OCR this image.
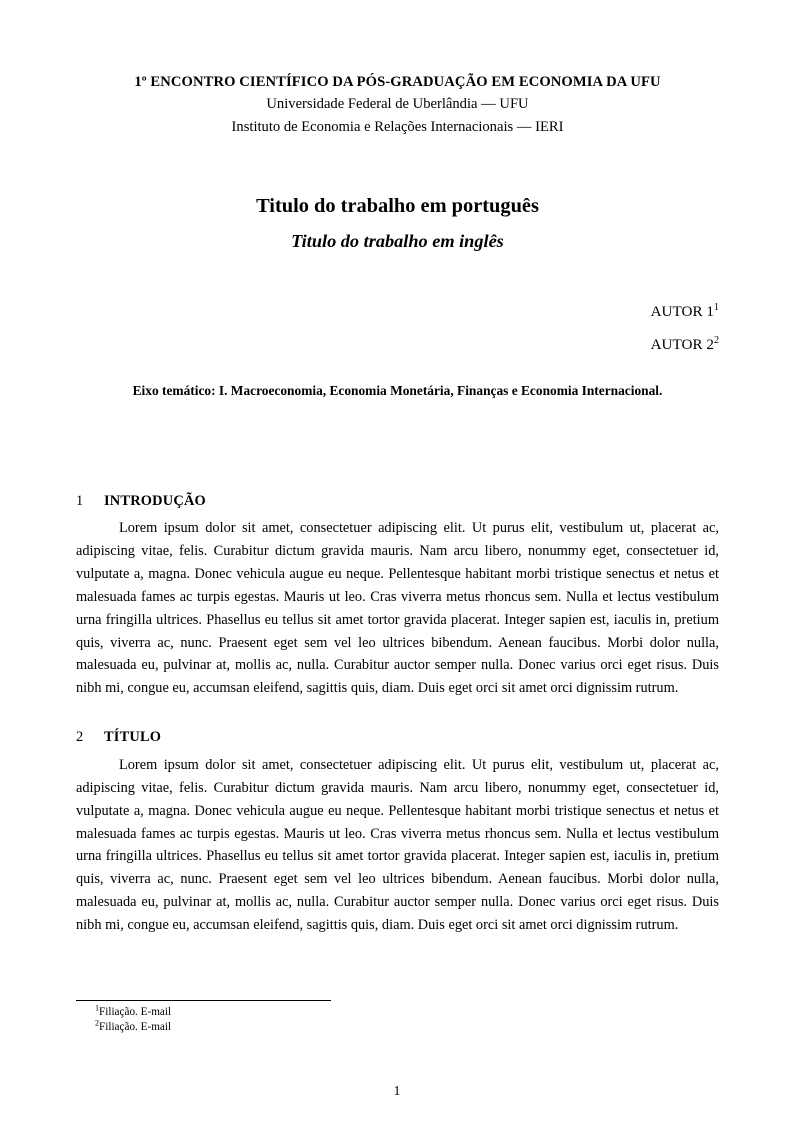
1º ENCONTRO CIENTÍFICO DA PÓS-GRADUAÇÃO EM ECONOMIA DA UFU
Universidade Federal de Uberlândia — UFU
Instituto de Economia e Relações Internacionais — IERI
Titulo do trabalho em português
Titulo do trabalho em inglês
AUTOR 1$^1$
AUTOR 2$^2$
Eixo temático: I. Macroeconomia, Economia Monetária, Finanças e Economia Internacional.
1 INTRODUÇÃO

Lorem ipsum dolor sit amet, consectetuer adipiscing elit. Ut purus elit, vestibulum ut, placerat ac, adipiscing vitae, felis. Curabitur dictum gravida mauris. Nam arcu libero, nonummy eget, consectetuer id, vulputate a, magna. Donec vehicula augue eu neque. Pellentesque habitant morbi tristique senectus et netus et malesuada fames ac turpis egestas. Mauris ut leo. Cras viverra metus rhoncus sem. Nulla et lectus vestibulum urna fringilla ultrices. Phasellus eu tellus sit amet tortor gravida placerat. Integer sapien est, iaculis in, pretium quis, viverra ac, nunc. Praesent eget sem vel leo ultrices bibendum. Aenean faucibus. Morbi dolor nulla, malesuada eu, pulvinar at, mollis ac, nulla. Curabitur auctor semper nulla. Donec varius orci eget risus. Duis nibh mi, congue eu, accumsan eleifend, sagittis quis, diam. Duis eget orci sit amet orci dignissim rutrum.

2 TÍTULO

Lorem ipsum dolor sit amet, consectetuer adipiscing elit. Ut purus elit, vestibulum ut, placerat ac, adipiscing vitae, felis. Curabitur dictum gravida mauris. Nam arcu libero, nonummy eget, consectetuer id, vulputate a, magna. Donec vehicula augue eu neque. Pellentesque habitant morbi tristique senectus et netus et malesuada fames ac turpis egestas. Mauris ut leo. Cras viverra metus rhoncus sem. Nulla et lectus vestibulum urna fringilla ultrices. Phasellus eu tellus sit amet tortor gravida placerat. Integer sapien est, iaculis in, pretium quis, viverra ac, nunc. Praesent eget sem vel leo ultrices bibendum. Aenean faucibus. Morbi dolor nulla, malesuada eu, pulvinar at, mollis ac, nulla. Curabitur auctor semper nulla. Donec varius orci eget risus. Duis nibh mi, congue eu, accumsan eleifend, sagittis quis, diam. Duis eget orci sit amet orci dignissim rutrum.

$^1$Filiação. E-mail
$^2$Filiação. E-mail
1
